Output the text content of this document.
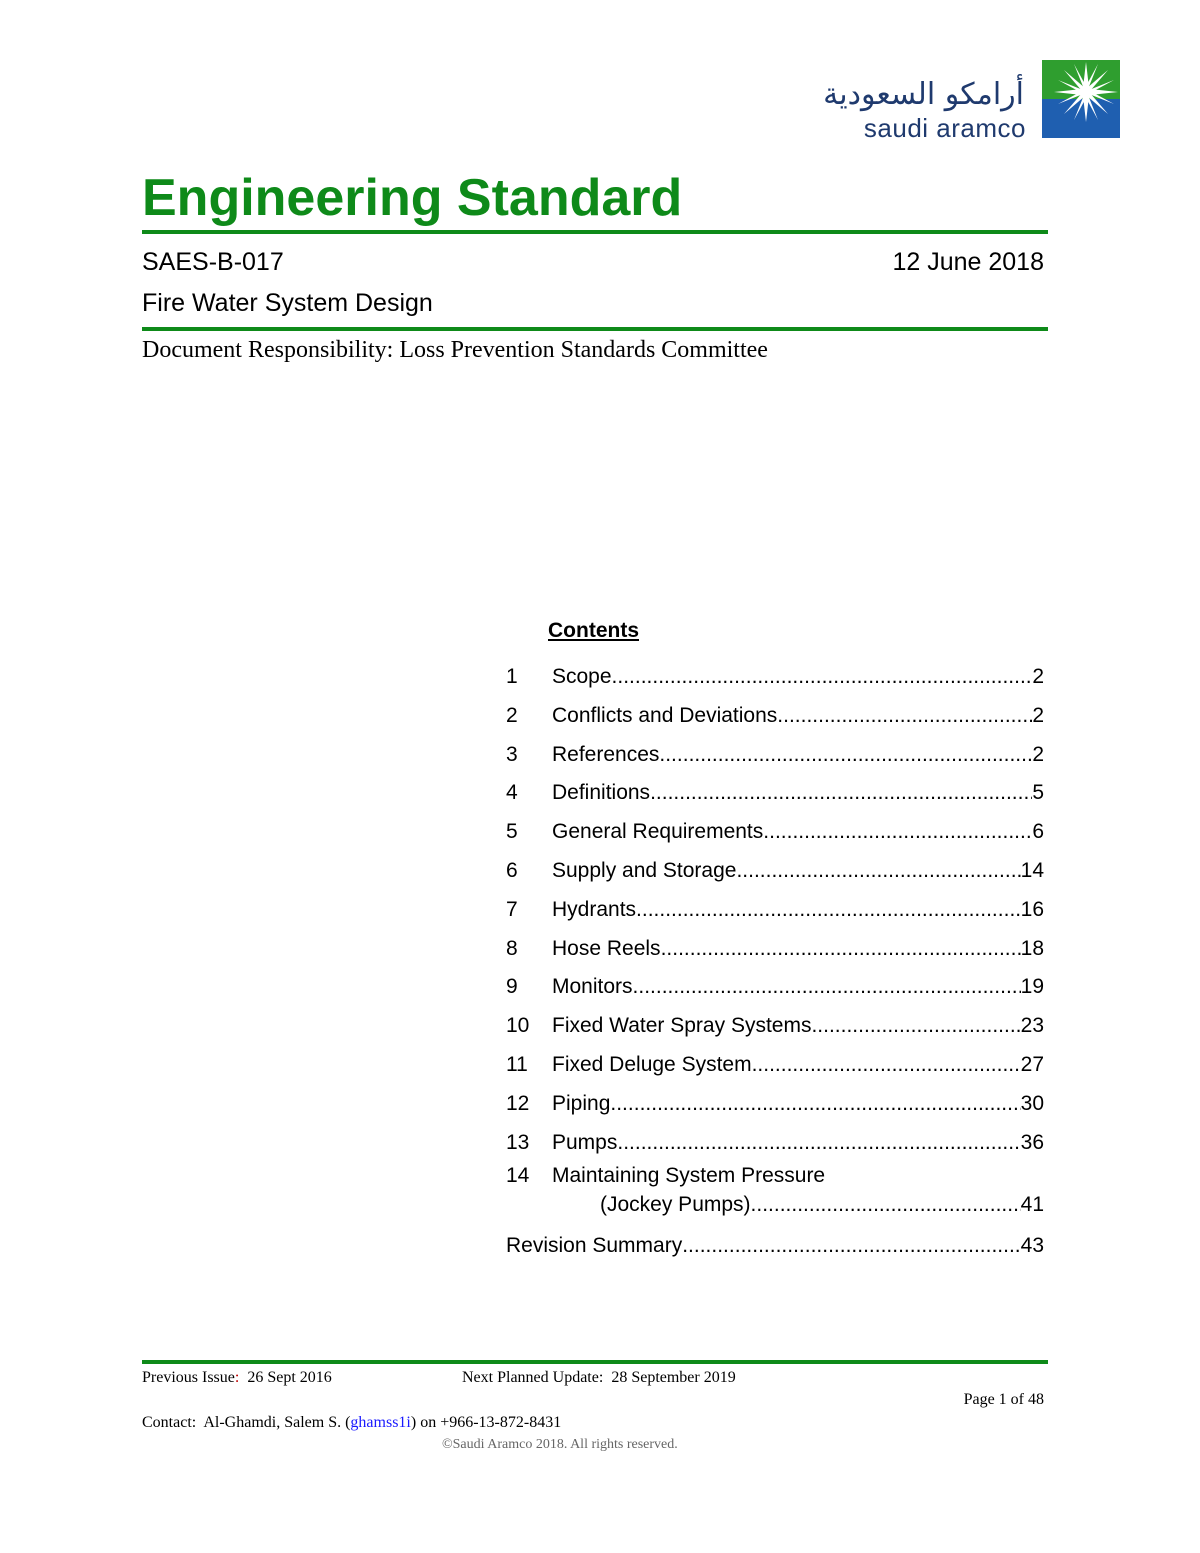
أرامكو السعودية
saudi aramco
Engineering Standard
SAES-B-017	12 June 2018
Fire Water System Design
Document Responsibility: Loss Prevention Standards Committee
Contents
1	Scope .....	2
2	Conflicts and Deviations .....	2
3	References .....	2
4	Definitions .....	5
5	General Requirements .....	6
6	Supply and Storage .....	14
7	Hydrants .....	16
8	Hose Reels .....	18
9	Monitors .....	19
10	Fixed Water Spray Systems .....	23
11	Fixed Deluge System .....	27
12	Piping .....	30
13	Pumps .....	36
14	Maintaining System Pressure
(Jockey Pumps) .....	41
Revision Summary .....	43
Previous Issue: 26 Sept 2016	Next Planned Update:  28 September 2019
Page 1 of 48
Contact:  Al-Ghamdi, Salem S. (ghamss1i) on +966-13-872-8431
©Saudi Aramco 2018. All rights reserved.
